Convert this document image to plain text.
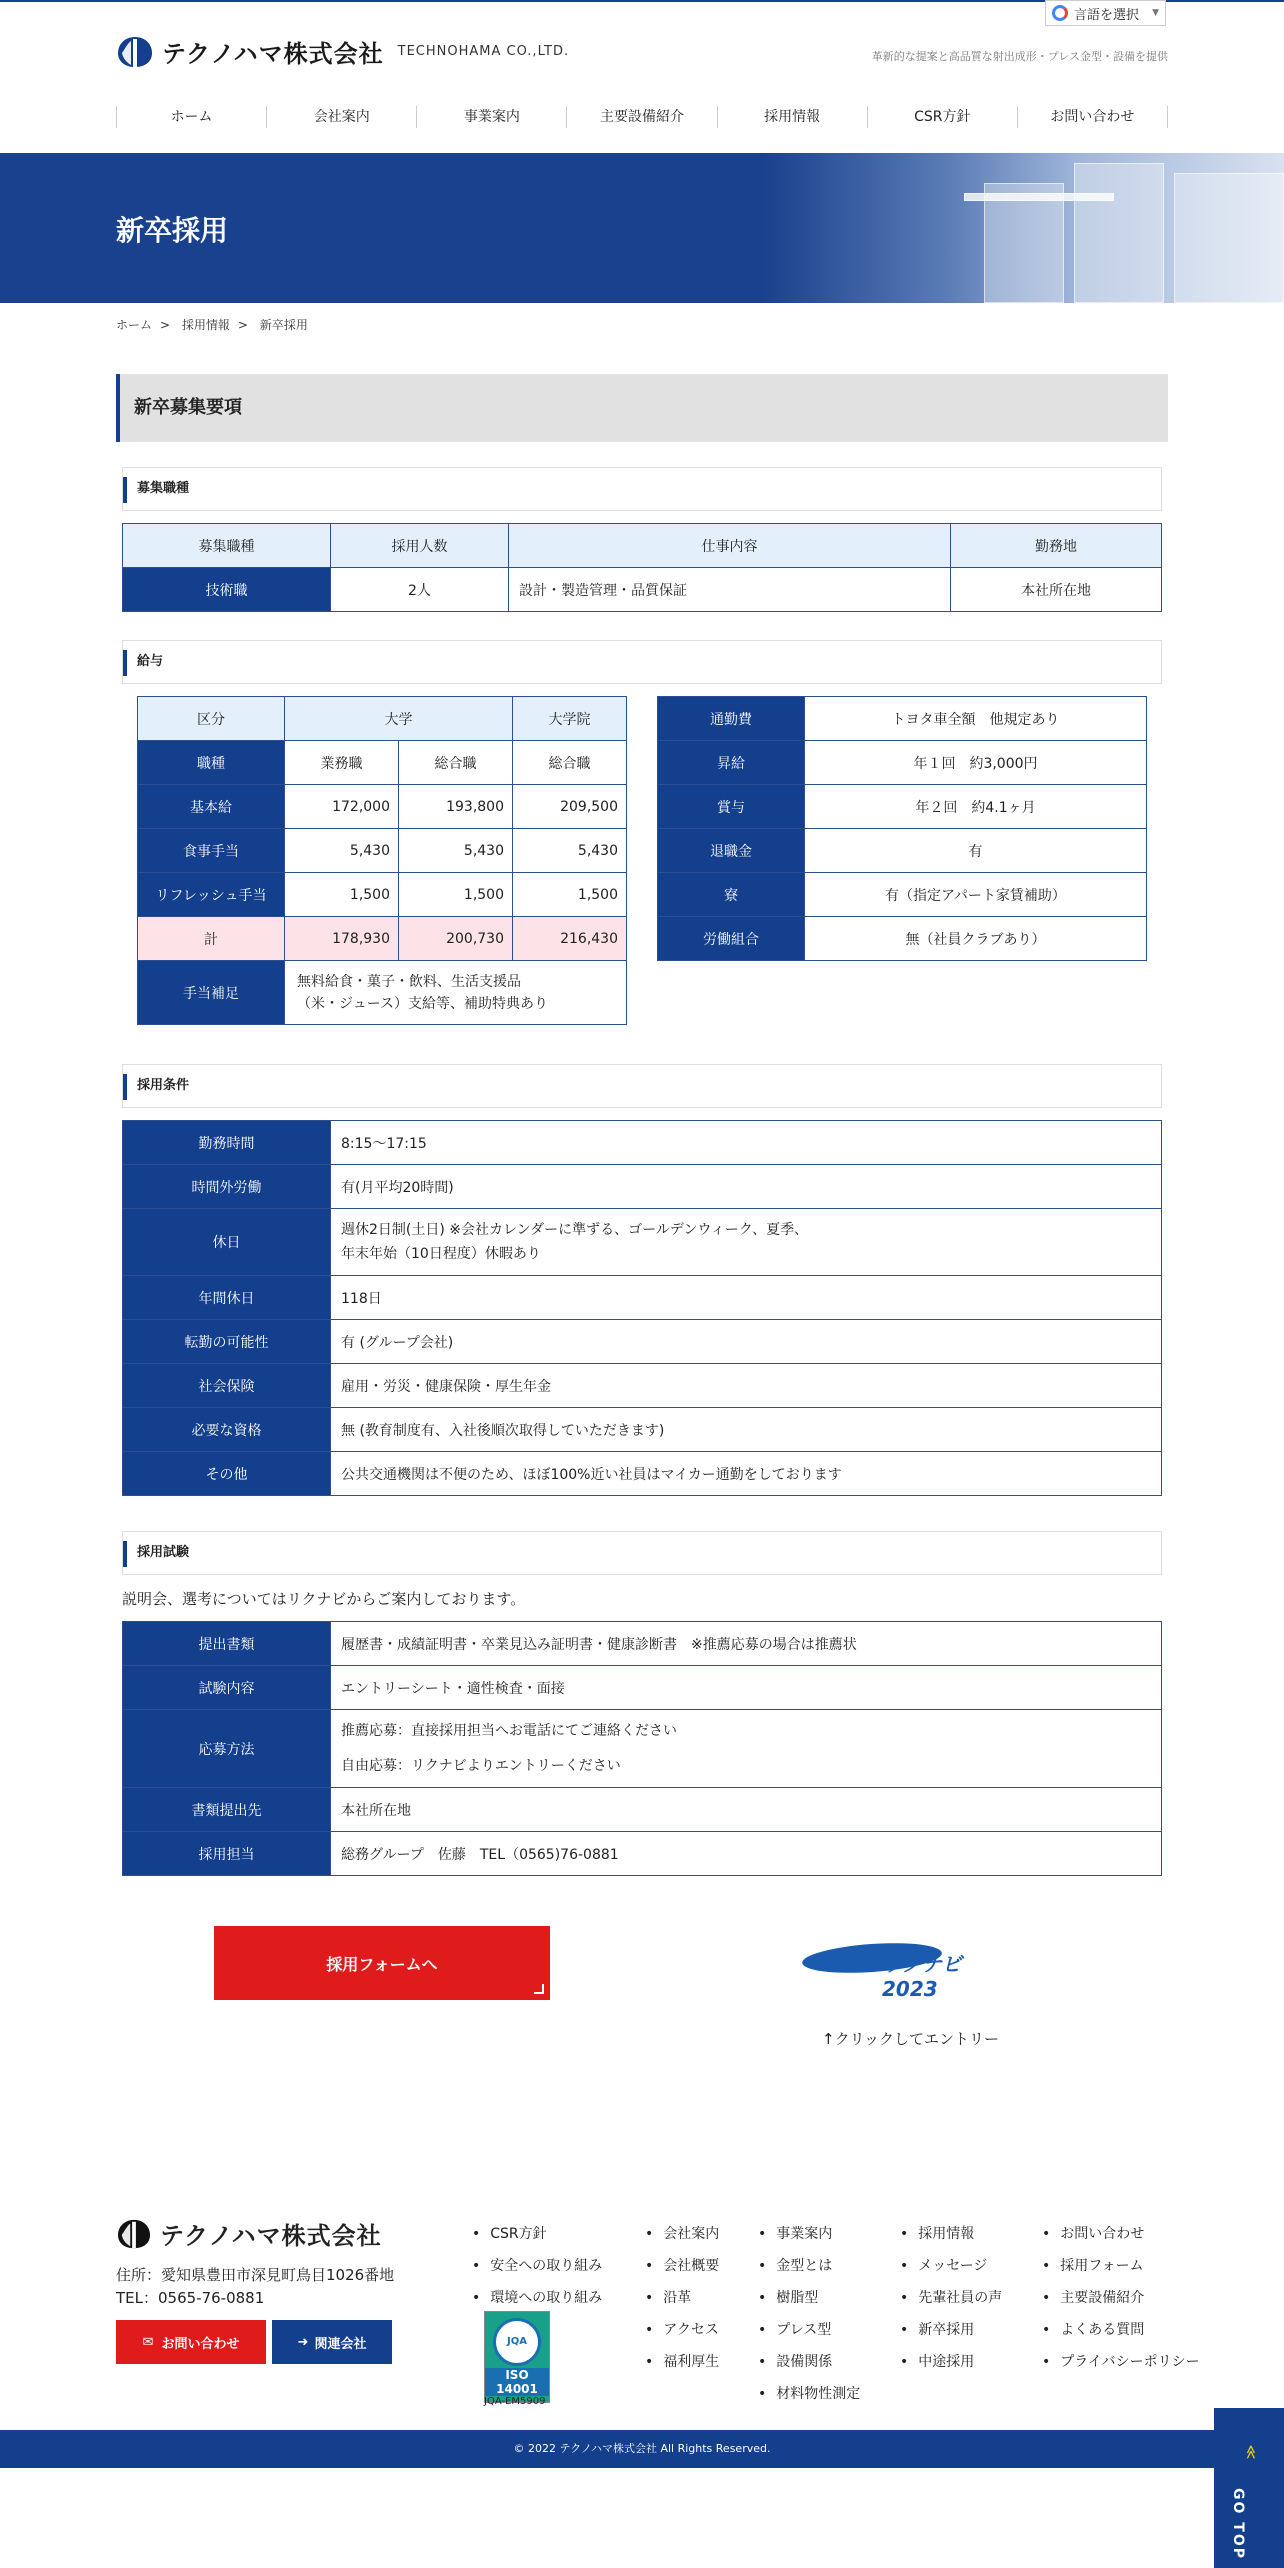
言語を選択 ▼
テクノハマ株式会社 TECHNOHAMA CO.,LTD.	革新的な提案と高品質な射出成形・プレス金型・設備を提供
ホーム	会社案内	事業案内	主要設備紹介	採用情報	CSR方針	お問い合わせ
新卒採用
ホーム > 採用情報 > 新卒採用
新卒募集要項
募集職種
募集職種	採用人数	仕事内容	勤務地
技術職	2人	設計・製造管理・品質保証	本社所在地
給与
区分	大学		大学院
職種	業務職	総合職	総合職
基本給	172,000	193,800	209,500
食事手当	5,430	5,430	5,430
リフレッシュ手当	1,500	1,500	1,500
計	178,930	200,730	216,430
手当補足	無料給食・菓子・飲料、生活支援品
（米・ジュース）支給等、補助特典あり		
通勤費	トヨタ車全額　他規定あり
昇給	年１回　約3,000円
賞与	年２回　約4.1ヶ月
退職金	有
寮	有（指定アパート家賃補助）
労働組合	無（社員クラブあり）
採用条件
勤務時間	8:15～17:15
時間外労働	有(月平均20時間)
休日	週休2日制(土日) ※会社カレンダーに準ずる、ゴールデンウィーク、夏季、
年末年始（10日程度）休暇あり

年間休日	118日
転勤の可能性	有 (グループ会社)
社会保険	雇用・労災・健康保険・厚生年金
必要な資格	無 (教育制度有、入社後順次取得していただきます)
その他	公共交通機関は不便のため、ほぼ100%近い社員はマイカー通勤をしております
採用試験
説明会、選考についてはリクナビからご案内しております。
提出書類	履歴書・成績証明書・卒業見込み証明書・健康診断書　※推薦応募の場合は推薦状
試験内容	エントリーシート・適性検査・面接
応募方法	推薦応募：直接採用担当へお電話にてご連絡ください
自由応募：リクナビよりエントリーください

書類提出先	本社所在地
採用担当	総務グループ　佐藤　TEL（0565)76-0881
採用フォームへ	リクナビ 2023
↑クリックしてエントリー
テクノハマ株式会社
住所：愛知県豊田市深見町鳥目1026番地
TEL：0565-76-0881
✉ お問い合わせ	➜ 関連会社
• CSR方針
• 安全への取り組み
• 環境への取り組み
JQA
ISO 14001
JQA-EM5909
• 会社案内
• 会社概要
• 沿革
• アクセス
• 福利厚生
• 事業案内
• 金型とは
• 樹脂型
• プレス型
• 設備関係
• 材料物性測定
• 採用情報
• メッセージ
• 先輩社員の声
• 新卒採用
• 中途採用
• お問い合わせ
• 採用フォーム
• 主要設備紹介
• よくある質問
• プライバシーポリシー
© 2022 テクノハマ株式会社 All Rights Reserved.	≪
GO TOP
